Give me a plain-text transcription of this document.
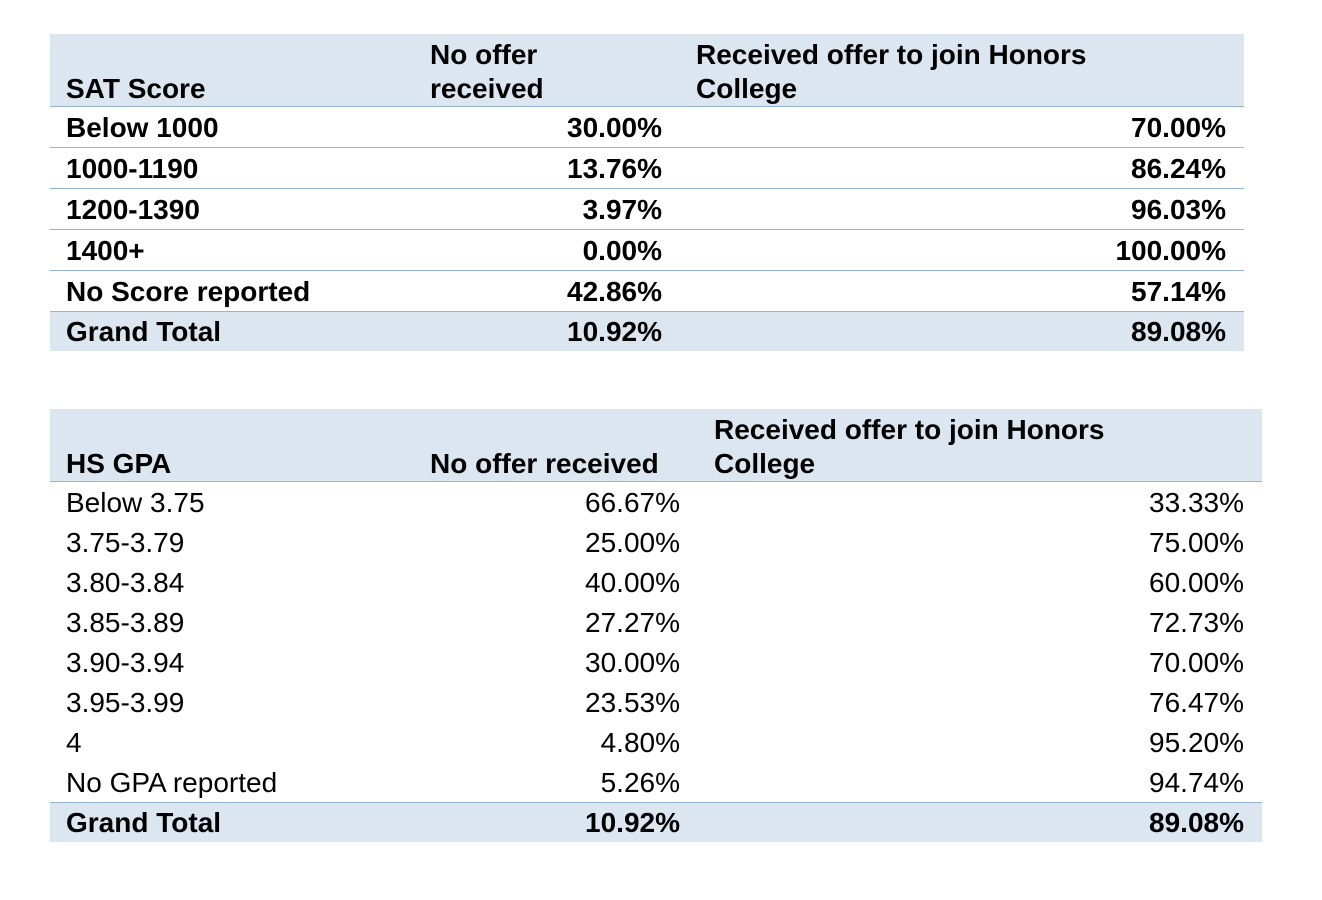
SAT Score	No offer received	Received offer to join Honors College
Below 1000	30.00%	70.00%
1000-1190	13.76%	86.24%
1200-1390	3.97%	96.03%
1400+	0.00%	100.00%
No Score reported	42.86%	57.14%
Grand Total	10.92%	89.08%
HS GPA	No offer received	Received offer to join Honors College
Below 3.75	66.67%	33.33%
3.75-3.79	25.00%	75.00%
3.80-3.84	40.00%	60.00%
3.85-3.89	27.27%	72.73%
3.90-3.94	30.00%	70.00%
3.95-3.99	23.53%	76.47%
4	4.80%	95.20%
No GPA reported	5.26%	94.74%
Grand Total	10.92%	89.08%
